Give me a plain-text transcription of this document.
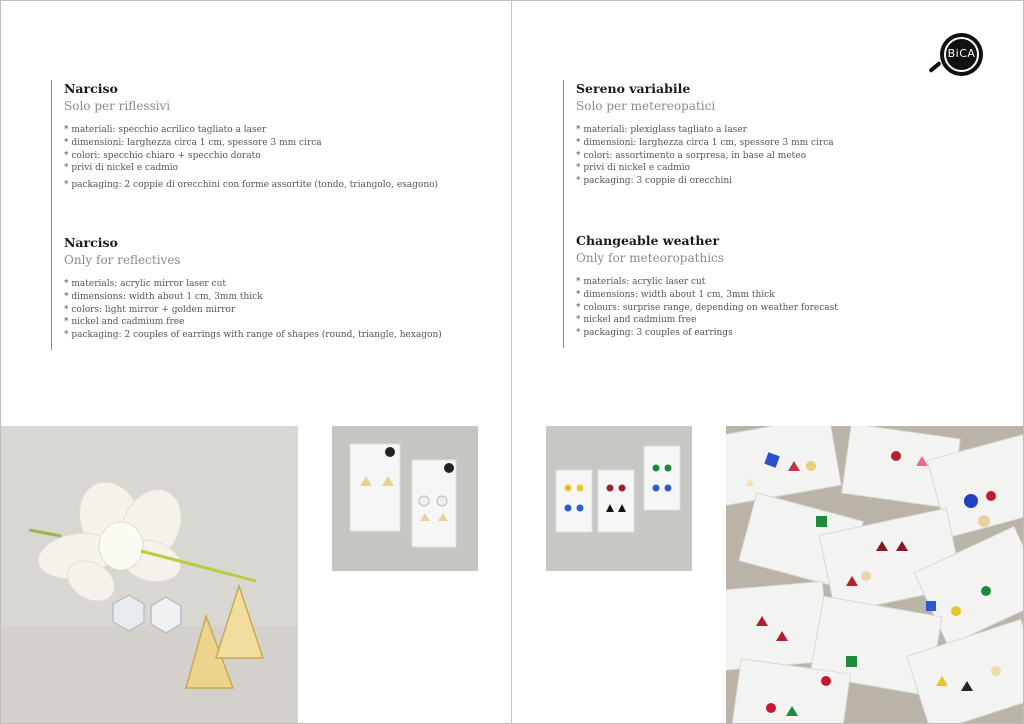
Narciso

Solo per riflessivi

* materiali: specchio acrilico tagliato a laser
* dimensioni: larghezza circa 1 cm, spessore 3 mm circa
* colori: specchio chiaro + specchio dorato
* privi di nickel e cadmio
* packaging: 2 coppie di orecchini con forme assortite (tondo, triangolo, esagono)

Narciso

Only for reflectives

* materials: acrylic mirror laser cut
* dimensions: width about 1 cm, 3mm thick
* colors: light mirror + golden mirror
* nickel and cadmium free
* packaging: 2 couples of earrings with range of shapes (round, triangle, hexagon)

Sereno variabile

Solo per metereopatici

* materiali: plexiglass tagliato a laser
* dimensioni: larghezza circa 1 cm, spessore 3 mm circa
* colori: assortimento a sorpresa, in base al meteo
* privi di nickel e cadmio
* packaging: 3 coppie di orecchini

Changeable weather

Only for meteoropathics

* materials: acrylic laser cut
* dimensions: width about 1 cm, 3mm thick
* colours: surprise range, depending on weather forecast
* nickel and cadmium free
* packaging: 3 couples of earrings
BiCA
